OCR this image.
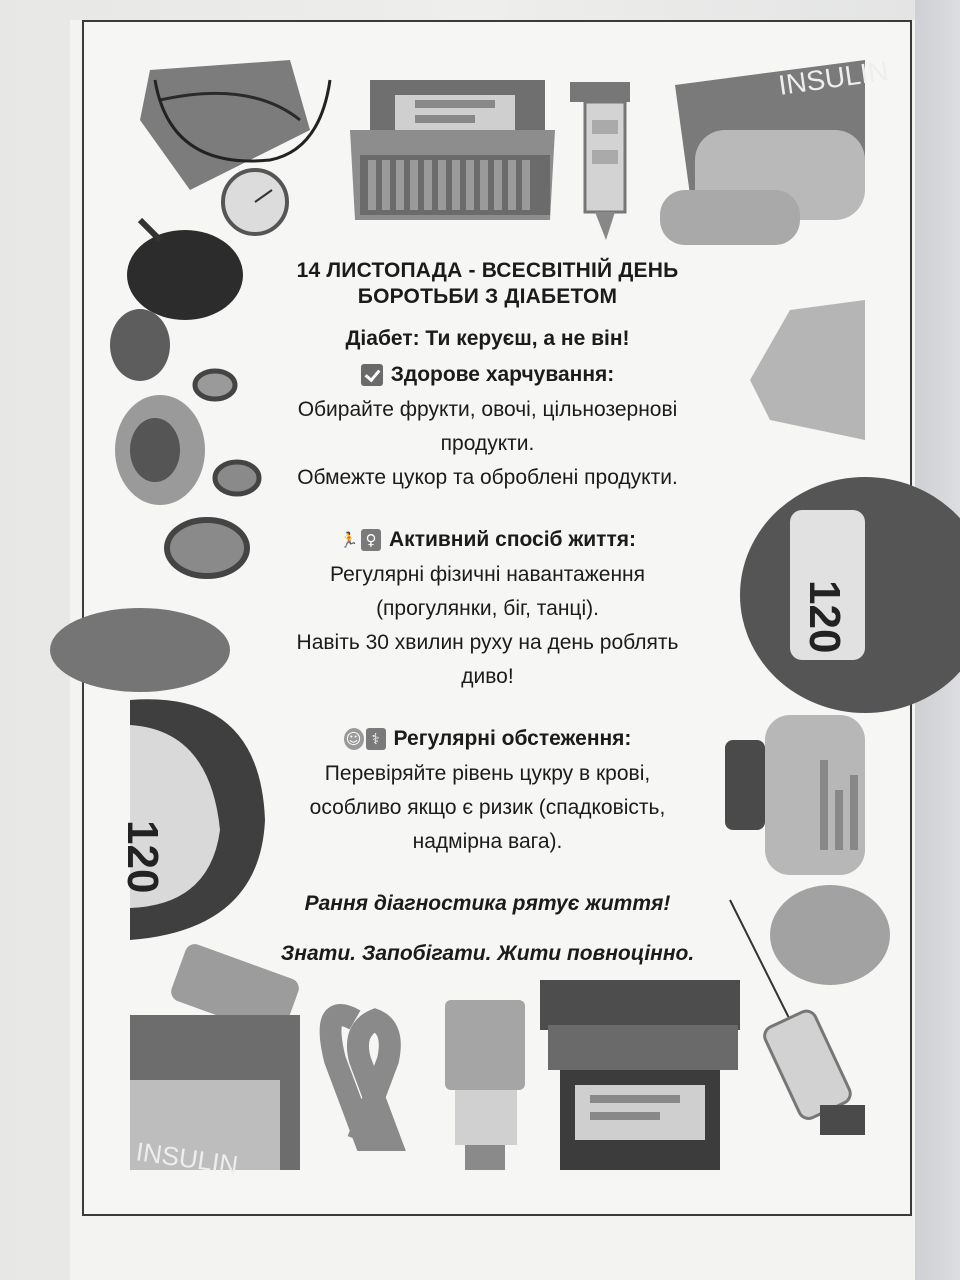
INSULIN
120
INSULIN
120
14 ЛИСТОПАДА - ВСЕСВІТНІЙ ДЕНЬ
БОРОТЬБИ З ДІАБЕТОМ

Діабет: Ти керуєш, а не він!

Здорове харчування:

Обирайте фрукти, овочі, цільнозернові
продукти.
Обмежте цукор та оброблені продукти.

🏃 ♀ Активний спосіб життя:

Регулярні фізичні навантаження
(прогулянки, біг, танці).
Навіть 30 хвилин руху на день роблять
диво!

☺ ⚕ Регулярні обстеження:

Перевіряйте рівень цукру в крові,
особливо якщо є ризик (спадковість,
надмірна вага).

Рання діагностика рятує життя!

Знати. Запобігати. Жити повноцінно.
